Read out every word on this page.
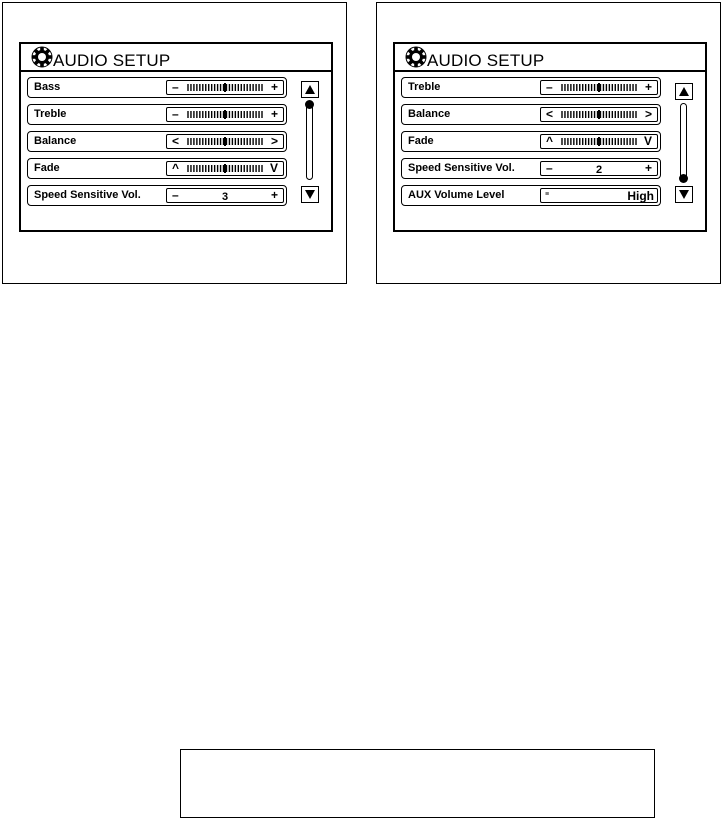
AUDIO SETUP
Bass	–	+
Treble	–	+
Balance	<	>
Fade	^	V
Speed Sensitive Vol.	–	3	+
AUDIO SETUP
Treble	–	+
Balance	<	>
Fade	^	V
Speed Sensitive Vol.	–	2	+
AUX Volume Level	≡	High
